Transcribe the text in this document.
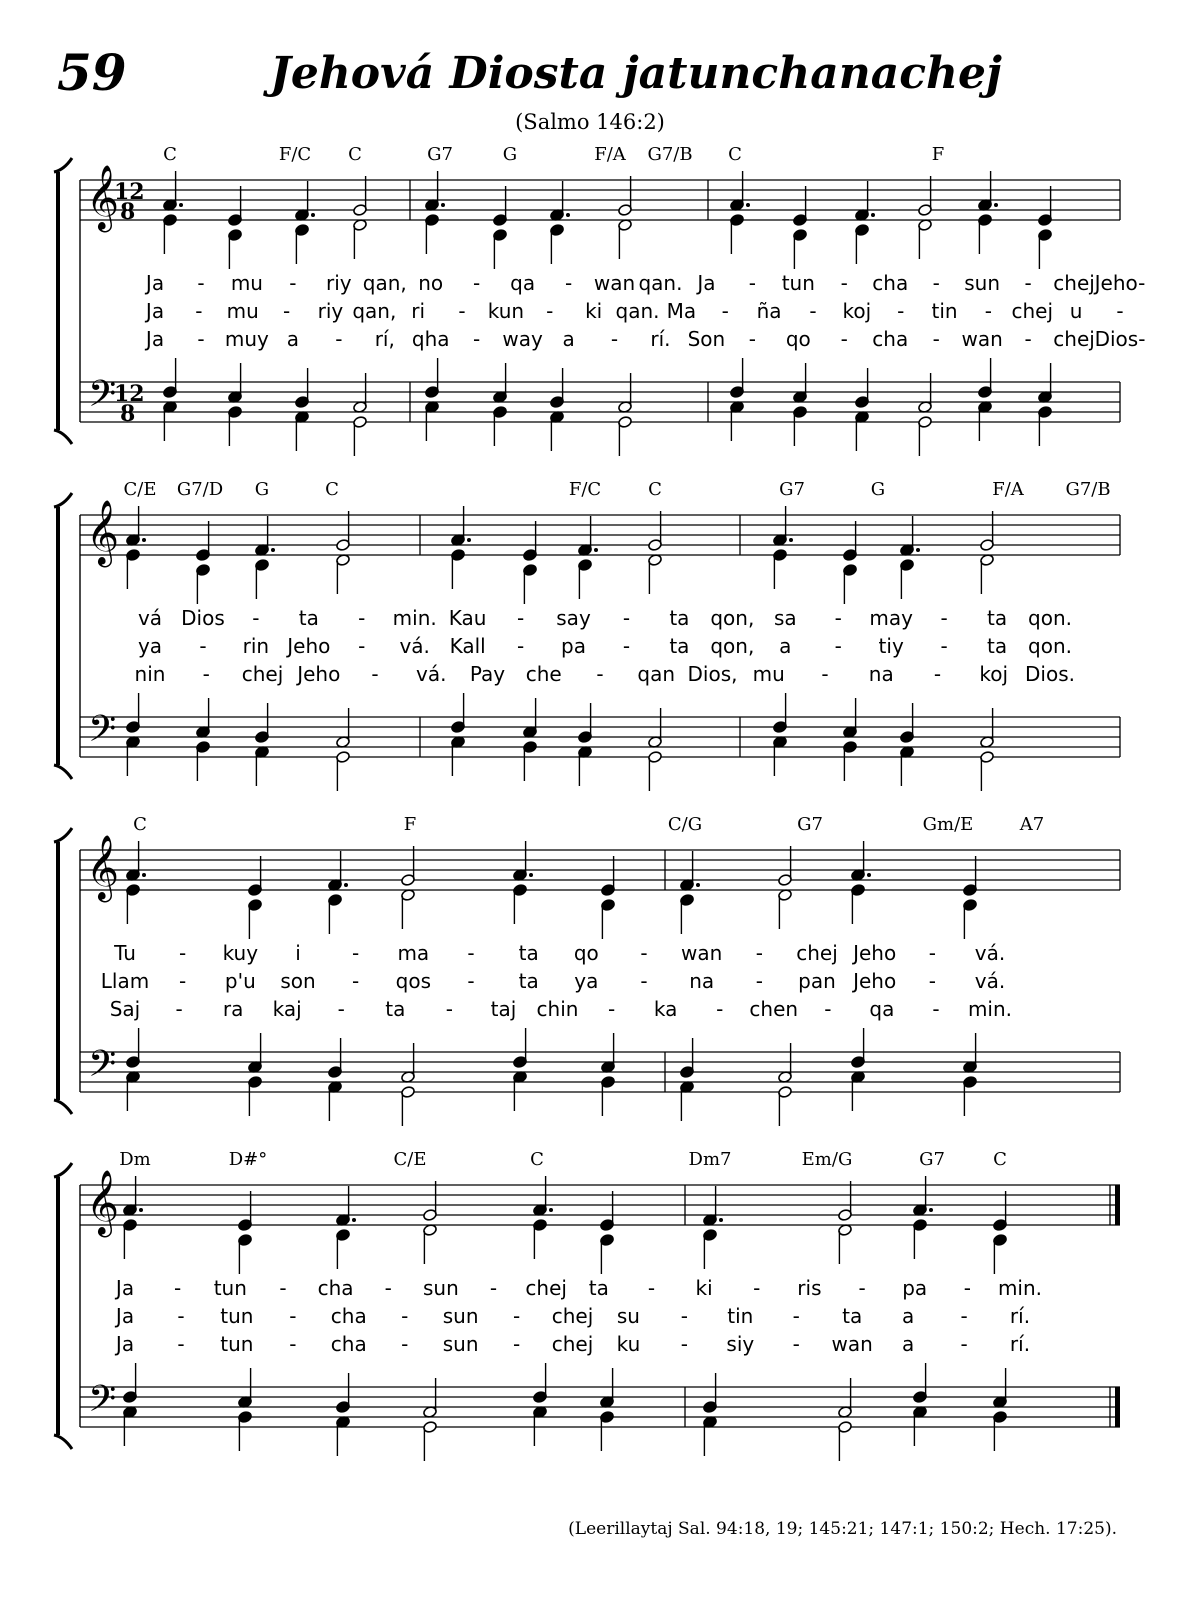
59	Jehová Diosta jatunchanachej
(Salmo 146:2)
𝄞
𝄢
12
8
12
8
C	F/C C	G7	G	F/A G7/B C	F
Ja - mu - riy qan, no - qa - wan qan. Ja - tun - cha - sun - chej Jeho-
Ja - mu - riy qan, ri - kun - ki qan. Ma - ña - koj - tin - chej u -
Ja - muy a - rí, qha - way a - rí. Son - qo - cha - wan - chej Dios-
𝄞
𝄢
C/E G7/D G	C	F/C	C	G7	G	F/A G7/B
vá Dios - ta - min. Kau - say - ta qon, sa - may - ta qon.
ya - rin Jeho - vá. Kall - pa - ta qon, a - tiy - ta qon.
nin - chej Jeho - vá. Pay che - qan Dios, mu - na - koj Dios.
𝄞
𝄢
C	F	C/G	G7	Gm/E	A7
Tu - kuy i	- ma - ta qo - wan - chej Jeho - vá.
Llam - p'u son - qos - ta ya - na - pan Jeho - vá.
Saj - ra kaj - ta - taj chin - ka - chen - qa - min.
𝄞
𝄢
Dm	D#°	C/E	C	Dm7	Em/G	G7	C
Ja - tun - cha - sun - chej ta - ki - ris - pa - min.
Ja - tun - cha - sun - chej su - tin - ta a - rí.
Ja - tun - cha - sun - chej ku - siy - wan a - rí.
(Leerillaytaj Sal. 94:18, 19; 145:21; 147:1; 150:2; Hech. 17:25).
